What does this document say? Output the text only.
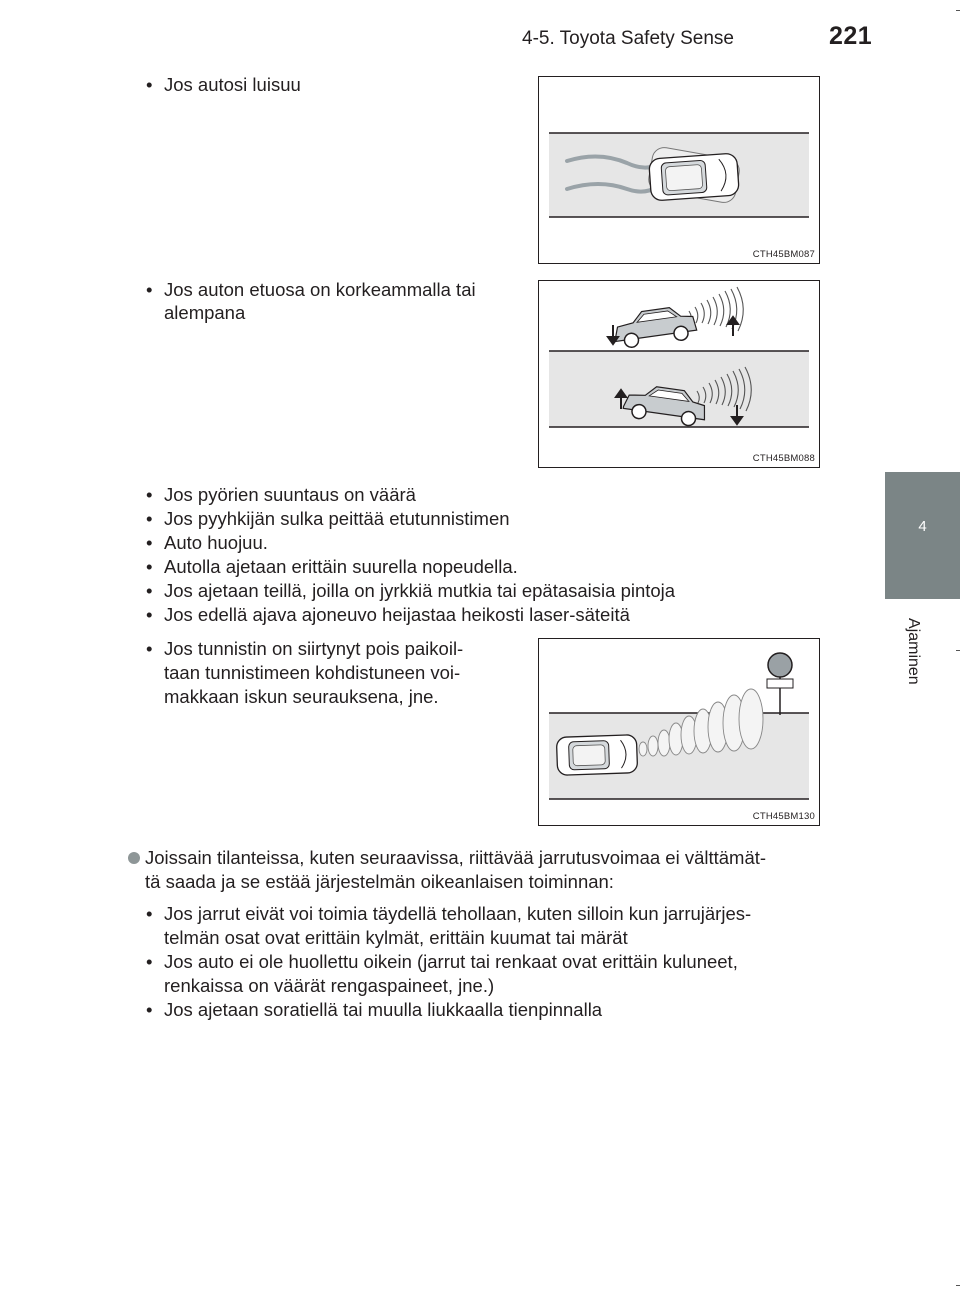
4-5. Toyota Safety Sense	221
4
Ajaminen
• Jos autosi luisuu
CTH45BM087
• Jos auton etuosa on korkeammalla tai
alempana
CTH45BM088
• Jos pyörien suuntaus on väärä
• Jos pyyhkijän sulka peittää etutunnistimen
• Auto huojuu.
• Autolla ajetaan erittäin suurella nopeudella.
• Jos ajetaan teillä, joilla on jyrkkiä mutkia tai epätasaisia pintoja
• Jos edellä ajava ajoneuvo heijastaa heikosti laser-säteitä
• Jos tunnistin on siirtynyt pois paikoil-
taan tunnistimeen kohdistuneen voi-
makkaan iskun seurauksena, jne.
CTH45BM130
Joissain tilanteissa, kuten seuraavissa, riittävää jarrutusvoimaa ei välttämät-
tä saada ja se estää järjestelmän oikeanlaisen toiminnan:
• Jos jarrut eivät voi toimia täydellä tehollaan, kuten silloin kun jarrujärjes-
telmän osat ovat erittäin kylmät, erittäin kuumat tai märät
• Jos auto ei ole huollettu oikein (jarrut tai renkaat ovat erittäin kuluneet,
renkaissa on väärät rengaspaineet, jne.)
• Jos ajetaan soratiellä tai muulla liukkaalla tienpinnalla
